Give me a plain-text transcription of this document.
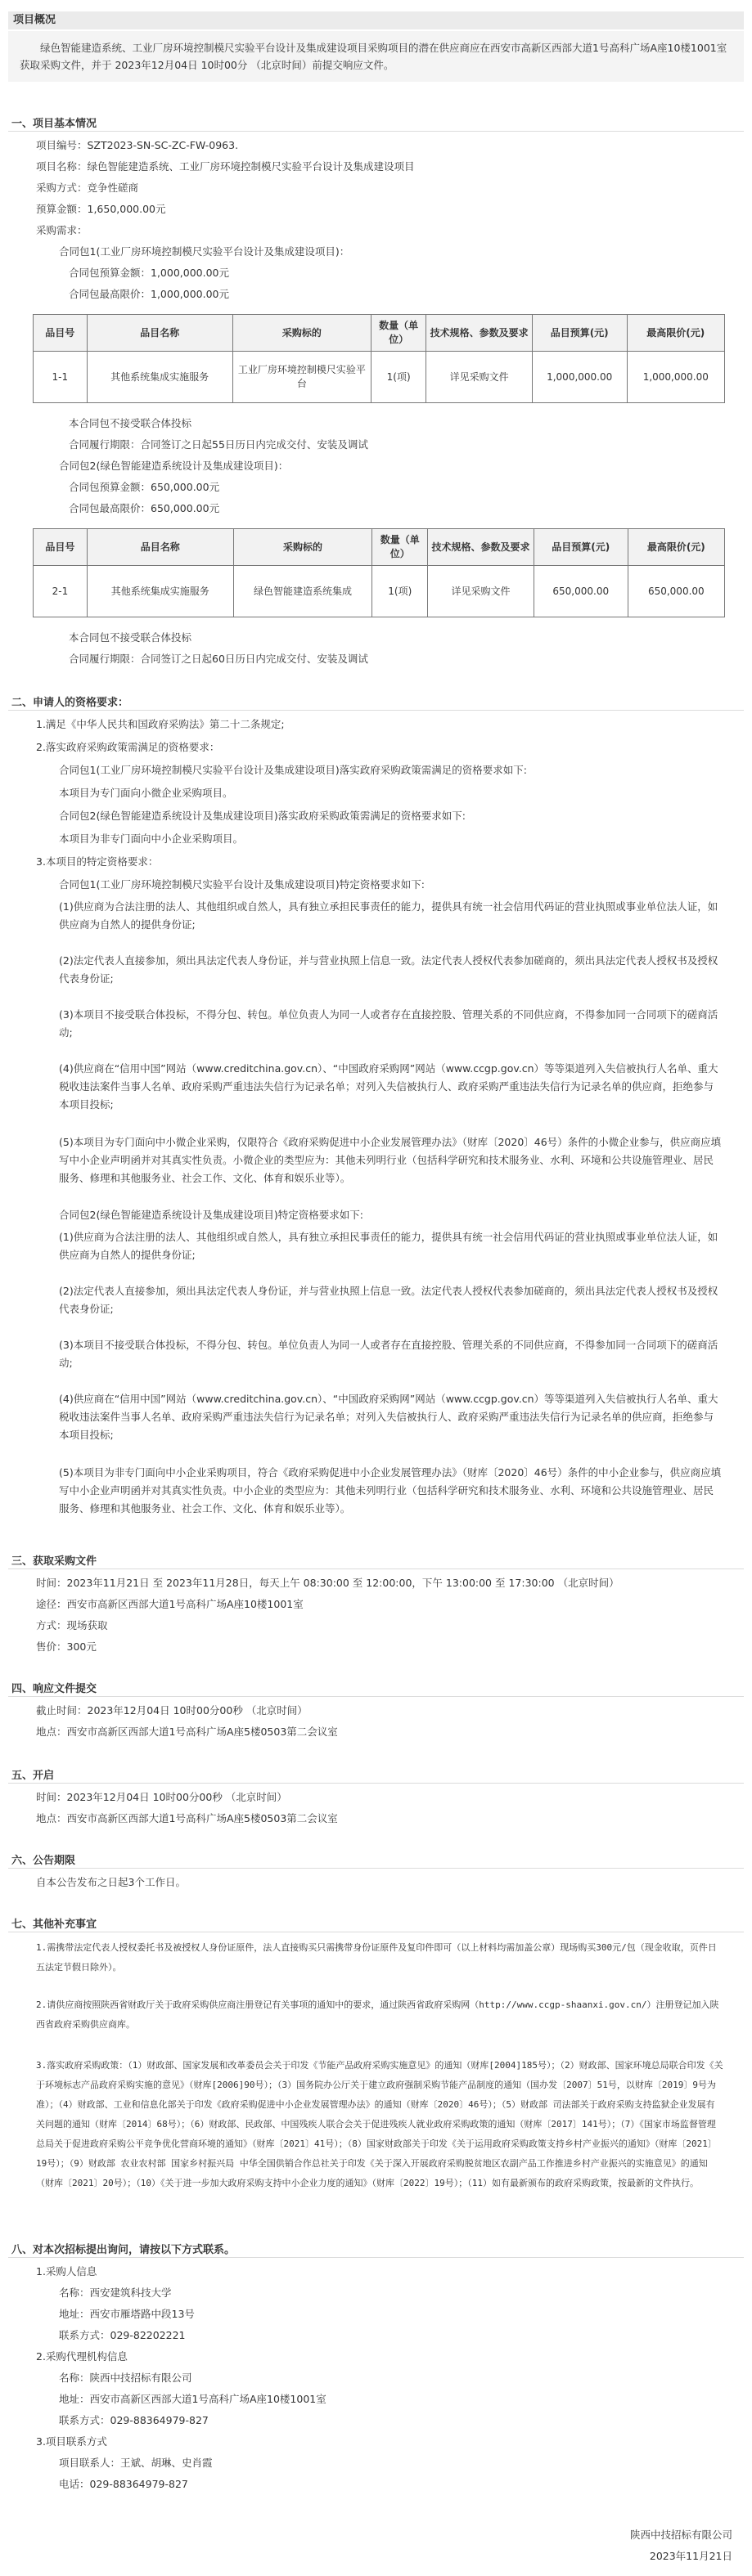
项目概况
绿色智能建造系统、工业厂房环境控制模尺实验平台设计及集成建设项目采购项目的潜在供应商应在西安市高新区西部大道1号高科广场A座10楼1001室获取采购文件，并于 2023年12月04日 10时00分 （北京时间）前提交响应文件。
一、项目基本情况
项目编号：SZT2023-SN-SC-ZC-FW-0963.
项目名称：绿色智能建造系统、工业厂房环境控制模尺实验平台设计及集成建设项目
采购方式：竞争性磋商
预算金额：1,650,000.00元
采购需求：
合同包1(工业厂房环境控制模尺实验平台设计及集成建设项目)：
合同包预算金额：1,000,000.00元
合同包最高限价：1,000,000.00元
品目号	品目名称	采购标的	数量（单位）	技术规格、参数及要求	品目预算(元)	最高限价(元)
1-1	其他系统集成实施服务	工业厂房环境控制模尺实验平台	1(项)	详见采购文件	1,000,000.00	1,000,000.00
本合同包不接受联合体投标
合同履行期限：合同签订之日起55日历日内完成交付、安装及调试
合同包2(绿色智能建造系统设计及集成建设项目)：
合同包预算金额：650,000.00元
合同包最高限价：650,000.00元
品目号	品目名称	采购标的	数量（单位）	技术规格、参数及要求	品目预算(元)	最高限价(元)
2-1	其他系统集成实施服务	绿色智能建造系统集成	1(项)	详见采购文件	650,000.00	650,000.00
本合同包不接受联合体投标
合同履行期限：合同签订之日起60日历日内完成交付、安装及调试
二、申请人的资格要求：
1.满足《中华人民共和国政府采购法》第二十二条规定;
2.落实政府采购政策需满足的资格要求：
合同包1(工业厂房环境控制模尺实验平台设计及集成建设项目)落实政府采购政策需满足的资格要求如下:
本项目为专门面向小微企业采购项目。
合同包2(绿色智能建造系统设计及集成建设项目)落实政府采购政策需满足的资格要求如下:
本项目为非专门面向中小企业采购项目。
3.本项目的特定资格要求：
合同包1(工业厂房环境控制模尺实验平台设计及集成建设项目)特定资格要求如下:
(1)供应商为合法注册的法人、其他组织或自然人，具有独立承担民事责任的能力，提供具有统一社会信用代码证的营业执照或事业单位法人证，如供应商为自然人的提供身份证;
(2)法定代表人直接参加，须出具法定代表人身份证，并与营业执照上信息一致。法定代表人授权代表参加磋商的，须出具法定代表人授权书及授权代表身份证;
(3)本项目不接受联合体投标，不得分包、转包。单位负责人为同一人或者存在直接控股、管理关系的不同供应商，不得参加同一合同项下的磋商活动;
(4)供应商在“信用中国”网站（www.creditchina.gov.cn）、“中国政府采购网”网站（www.ccgp.gov.cn）等等渠道列入失信被执行人名单、重大税收违法案件当事人名单、政府采购严重违法失信行为记录名单；对列入失信被执行人、政府采购严重违法失信行为记录名单的供应商，拒绝参与本项目投标;
(5)本项目为专门面向中小微企业采购，仅限符合《政府采购促进中小企业发展管理办法》（财库〔2020〕46号）条件的小微企业参与，供应商应填写中小企业声明函并对其真实性负责。小微企业的类型应为：其他未列明行业（包括科学研究和技术服务业、水利、环境和公共设施管理业、居民服务、修理和其他服务业、社会工作、文化、体育和娱乐业等）。
合同包2(绿色智能建造系统设计及集成建设项目)特定资格要求如下:
(1)供应商为合法注册的法人、其他组织或自然人，具有独立承担民事责任的能力，提供具有统一社会信用代码证的营业执照或事业单位法人证，如供应商为自然人的提供身份证;
(2)法定代表人直接参加，须出具法定代表人身份证，并与营业执照上信息一致。法定代表人授权代表参加磋商的，须出具法定代表人授权书及授权代表身份证;
(3)本项目不接受联合体投标，不得分包、转包。单位负责人为同一人或者存在直接控股、管理关系的不同供应商，不得参加同一合同项下的磋商活动;
(4)供应商在“信用中国”网站（www.creditchina.gov.cn）、“中国政府采购网”网站（www.ccgp.gov.cn）等等渠道列入失信被执行人名单、重大税收违法案件当事人名单、政府采购严重违法失信行为记录名单；对列入失信被执行人、政府采购严重违法失信行为记录名单的供应商，拒绝参与本项目投标;
(5)本项目为非专门面向中小企业采购项目，符合《政府采购促进中小企业发展管理办法》（财库〔2020〕46号）条件的中小企业参与，供应商应填写中小企业声明函并对其真实性负责。中小企业的类型应为：其他未列明行业（包括科学研究和技术服务业、水利、环境和公共设施管理业、居民服务、修理和其他服务业、社会工作、文化、体育和娱乐业等）。
三、获取采购文件
时间：2023年11月21日 至 2023年11月28日，每天上午 08:30:00 至 12:00:00，下午 13:00:00 至 17:30:00 （北京时间）
途径：西安市高新区西部大道1号高科广场A座10楼1001室
方式：现场获取
售价：300元
四、响应文件提交
截止时间：2023年12月04日 10时00分00秒 （北京时间）
地点：西安市高新区西部大道1号高科广场A座5楼0503第二会议室
五、开启
时间：2023年12月04日 10时00分00秒 （北京时间）
地点：西安市高新区西部大道1号高科广场A座5楼0503第二会议室
六、公告期限
自本公告发布之日起3个工作日。
七、其他补充事宜
1.需携带法定代表人授权委托书及被授权人身份证原件，法人直接购买只需携带身份证原件及复印件即可（以上材料均需加盖公章）现场购买300元/包（现金收取，页件日五法定节假日除外）。
2.请供应商按照陕西省财政厅关于政府采购供应商注册登记有关事项的通知中的要求，通过陕西省政府采购网（http://www.ccgp-shaanxi.gov.cn/）注册登记加入陕西省政府采购供应商库。
3.落实政府采购政策：（1）财政部、国家发展和改革委员会关于印发《节能产品政府采购实施意见》的通知（财库[2004]185号）；（2）财政部、国家环境总局联合印发《关于环境标志产品政府采购实施的意见》（财库[2006]90号）；（3）国务院办公厅关于建立政府强制采购节能产品制度的通知（国办发〔2007〕51号，以财库〔2019〕9号为准）；（4）财政部、工业和信息化部关于印发《政府采购促进中小企业发展管理办法》的通知（财库〔2020〕46号）；（5）财政部 司法部关于政府采购支持监狱企业发展有关问题的通知（财库〔2014〕68号）；（6）财政部、民政部、中国残疾人联合会关于促进残疾人就业政府采购政策的通知（财库〔2017〕141号）；（7）《国家市场监督管理总局关于促进政府采购公平竞争优化营商环境的通知》（财库〔2021〕41号）；（8）国家财政部关于印发《关于运用政府采购政策支持乡村产业振兴的通知》（财库〔2021〕19号）；（9）财政部 农业农村部 国家乡村振兴局 中华全国供销合作总社关于印发《关于深入开展政府采购脱贫地区农副产品工作推进乡村产业振兴的实施意见》的通知（财库〔2021〕20号）；（10）《关于进一步加大政府采购支持中小企业力度的通知》（财库〔2022〕19号）；（11）如有最新颁布的政府采购政策，按最新的文件执行。
八、对本次招标提出询问，请按以下方式联系。
1.采购人信息
名称：西安建筑科技大学
地址：西安市雁塔路中段13号
联系方式：029-82202221
2.采购代理机构信息
名称：陕西中技招标有限公司
地址：西安市高新区西部大道1号高科广场A座10楼1001室
联系方式：029-88364979-827
3.项目联系方式
项目联系人：王斌、胡琳、史肖霞
电话：029-88364979-827
陕西中技招标有限公司
2023年11月21日
